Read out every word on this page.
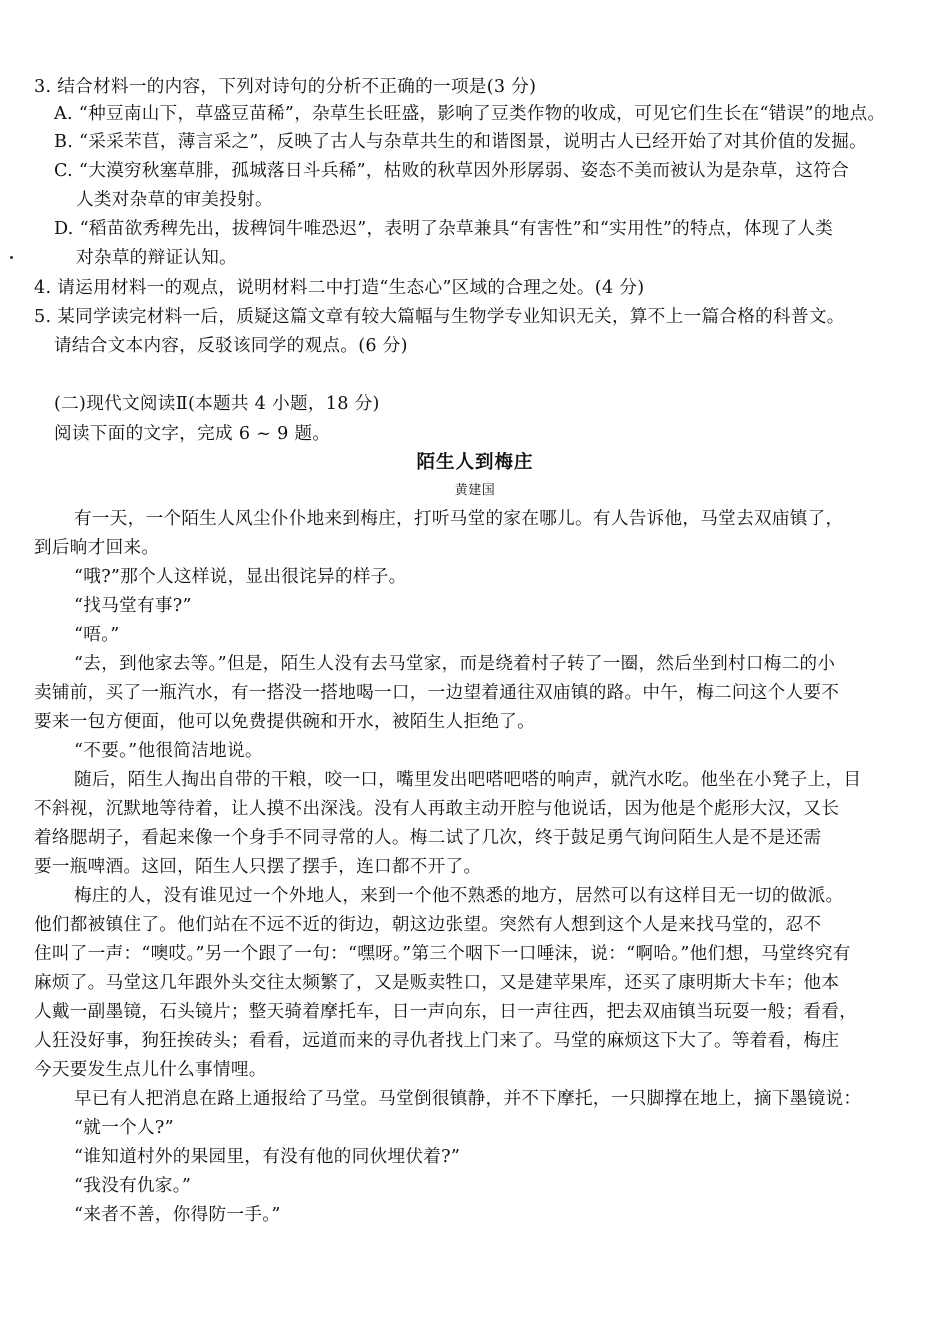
3. 结合材料一的内容，下列对诗句的分析不正确的一项是(3 分)
A. “种豆南山下，草盛豆苗稀”，杂草生长旺盛，影响了豆类作物的收成，可见它们生长在“错误”的地点。
B. “采采芣苢，薄言采之”，反映了古人与杂草共生的和谐图景，说明古人已经开始了对其价值的发掘。
C. “大漠穷秋塞草腓，孤城落日斗兵稀”，枯败的秋草因外形孱弱、姿态不美而被认为是杂草，这符合
人类对杂草的审美投射。
D. “稻苗欲秀稗先出，拔稗饲牛唯恐迟”，表明了杂草兼具“有害性”和“实用性”的特点，体现了人类
对杂草的辩证认知。
4. 请运用材料一的观点，说明材料二中打造“生态心”区域的合理之处。(4 分)
5. 某同学读完材料一后，质疑这篇文章有较大篇幅与生物学专业知识无关，算不上一篇合格的科普文。
请结合文本内容，反驳该同学的观点。(6 分)
(二)现代文阅读Ⅱ(本题共 4 小题，18 分)
阅读下面的文字，完成 6 ~ 9 题。
陌生人到梅庄
黄建国
有一天，一个陌生人风尘仆仆地来到梅庄，打听马堂的家在哪儿。有人告诉他，马堂去双庙镇了，
到后晌才回来。
“哦?”那个人这样说，显出很诧异的样子。
“找马堂有事?”
“唔。”
“去，到他家去等。”但是，陌生人没有去马堂家，而是绕着村子转了一圈，然后坐到村口梅二的小
卖铺前，买了一瓶汽水，有一搭没一搭地喝一口，一边望着通往双庙镇的路。中午，梅二问这个人要不
要来一包方便面，他可以免费提供碗和开水，被陌生人拒绝了。
“不要。”他很简洁地说。
随后，陌生人掏出自带的干粮，咬一口，嘴里发出吧嗒吧嗒的响声，就汽水吃。他坐在小凳子上，目
不斜视，沉默地等待着，让人摸不出深浅。没有人再敢主动开腔与他说话，因为他是个彪形大汉，又长
着络腮胡子，看起来像一个身手不同寻常的人。梅二试了几次，终于鼓足勇气询问陌生人是不是还需
要一瓶啤酒。这回，陌生人只摆了摆手，连口都不开了。
梅庄的人，没有谁见过一个外地人，来到一个他不熟悉的地方，居然可以有这样目无一切的做派。
他们都被镇住了。他们站在不远不近的街边，朝这边张望。突然有人想到这个人是来找马堂的，忍不
住叫了一声：“噢哎。”另一个跟了一句：“嘿呀。”第三个咽下一口唾沫，说：“啊哈。”他们想，马堂终究有
麻烦了。马堂这几年跟外头交往太频繁了，又是贩卖牲口，又是建苹果库，还买了康明斯大卡车；他本
人戴一副墨镜，石头镜片；整天骑着摩托车，日一声向东，日一声往西，把去双庙镇当玩耍一般；看看，
人狂没好事，狗狂挨砖头；看看，远道而来的寻仇者找上门来了。马堂的麻烦这下大了。等着看，梅庄
今天要发生点儿什么事情哩。
早已有人把消息在路上通报给了马堂。马堂倒很镇静，并不下摩托，一只脚撑在地上，摘下墨镜说：
“就一个人?”
“谁知道村外的果园里，有没有他的同伙埋伏着?”
“我没有仇家。”
“来者不善，你得防一手。”
